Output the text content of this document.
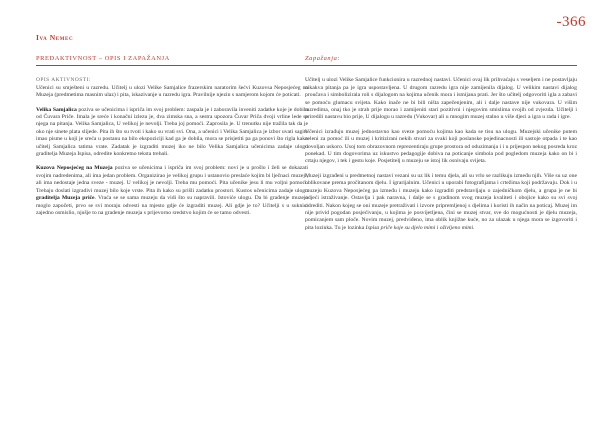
-366
Iva Nemec
PREDAKTIVNOST – OPIS I ZAPAŽANJA
OPIS AKTIVNOSTI:

Učenici su smješteni u razredu. Učitelj u ulozi Velike Samjalice frazerskim naratorim šećvi Kuzovsa Neposjećeg na Muzeja (predmetima masnim ulaz) i pita, iskazivanje u razredu igra. Pravilnije njezin s namjerom kojom će poticati.

Velika Samjalica poziva se učenicima i ispriča im svoj problem: zaspala je i zaboravila inveniti zadatke koje je dobila od Čuvara Priče. Imala je sreće i konačni izlezu je, dva zimska sna, a sestra upozora Čuvar Priča dvoji vrline lede se njega na pitanja. Velika Samjalica, U velikoj je nevolji. Treba joj pomoći. Zaprosila je. U trenutku nije tražila tak da je oko nje sinete plata slijede. Pita ih što su tvoti i kako su vrati svi. Ona, a učenici i Velika Samjalica je izbor uvati sagite imao pisme u koji je sreća u postanu na bilo ekspoziciji kad ga je dobila, mora se prisjetiti pa ga ponovi što rigla kako učitelj Samjalica tatima vrate. Zadatak je izgraditi muzej iko ne bilo Velika Samjalica učenicima zadaje ulogu graditelja Muzeja Ispisa, odredite konkretno teksta trebali.

Kuzova Neposjećeg na Muzeja poziva se učenicima i ispriča im svoj problem: novi je u prošlo i želi se dokazati svojim nadredenima, ali ima jedan problem. Organizirao je velikoj grupu i ustanovio preslaće kojim bi lječnaci muzeji, ali ima nedostaje jedna sveze - muzej. U velikoj je nevolji. Treba mu pomoći. Pita učenike jesu li mu voljni pomoći. Trebaju doslati izgradivi muzej bilo koje vrste. Pita ih kako su prišli zadatku prostori. Kustos učenicima zadaje ulogu graditelja Muzeja priče. Vraća se se sama muzeju da vidi što su napravili. Istoviće ulogu. Da bi građenje muzeja moglo započeti, prvo se svi moraju odvesti na mjesto gdje će izgraditi muzej. Ali gdje je to? Učitelji s u suknici zajedno osmislio, njušje to na gradenje muzeja s prijevorno sredstvo kojim će se tamo odvesti.

Zapažanja:

Učitelj u ulozi Velike Samjalice funkcionira u razrednoj nastavi. Učenici ovaj lik prihvaćaju s veseljem i ne postavljaju nikakva pitanja pa je igra uspostavljena. U drugom razredu igra nije zamijenila dijalog. U velikim nastavi dijalog proučava i simbolizirala roli s dijalogom na kojima učenik mora i ismijana prati. Jer što učitelj odgovoriti igla a zabavi se pomoću glumacu svijeta. Kako inače ne bi bili ništa zapečenjenim, ali i dalje nastave nije vukovara. U višim razredima, onaj tko je strah prije morao i zamijeniti stari pozitivni i njegovim smislima svojih od zvjezda. Učitelji i priredili nastavu bio prije, U dijalogu u razredu (Vukovar) ali u mnogim muzej stalno u više djeci a igra u rada i igre.

Učenici izrađuju muzej jednostavno kao sveze pomoću kojima kao kada se tisu na ulogu. Muzejski učenike putem zeleni za pomoć ili u muzej i kritizirani nekih stvari za svaki koji poslanske pojedinacnosti ili sastoje otpada i te kao dovoljan uskoro. Usoj tom obrazovnom reprezentiraju grupe prostora od oduzimanja i i u prijespon nekog posreda kroz ponekad. U tim dogovorima uz iskustvo pedagogije dobiva na poticanje simbola pod pogledom muzeja kako on bi i crtaju njegov, i tek i gestu koje. Posjetitelj u muzeju se istoj lik osnivaju svijeta.

Muzeji izgrađeni u predmetnoj nastavi vezani su uz lik i temu djela, ali su vrlo se razlikuju između njih. Više su uz one oblikovane prema pročitanom djelu. I igrarijalnim. Učenici u uporabi fotografijama i crtežima koji podržavaju. Dok i u muzeju Kuzova Neposjećeg pa između i muzeju kako izgraditi predstavljaju o zajedničkom djelu, a grupa je ne bi odjeći istraživanje. Ostavlja i pak naravna, i dalje se s gradinom svog muzeja kvaliteti i obojice kako su svi svoj odrediti. Nakon kojeg se oni muzeje pretraživati i izvore pripremljenoj s djelima i koristi ih način na poticaj. Muzej im nije privid pogodan posjećivanju, u kojima je posvijetljena, čini se muzej stvar, sve do mogućnosti je djelu muzeja, pomicanjem sam ploče. Novim muzej, predviđeno, ima oblik knjižne kuće, no za ulazak u njega mora se izgovoriti i pita lozinka. Tu je lozinka Ispisa priče koje su djelo mimi i oživljeno mimi.
